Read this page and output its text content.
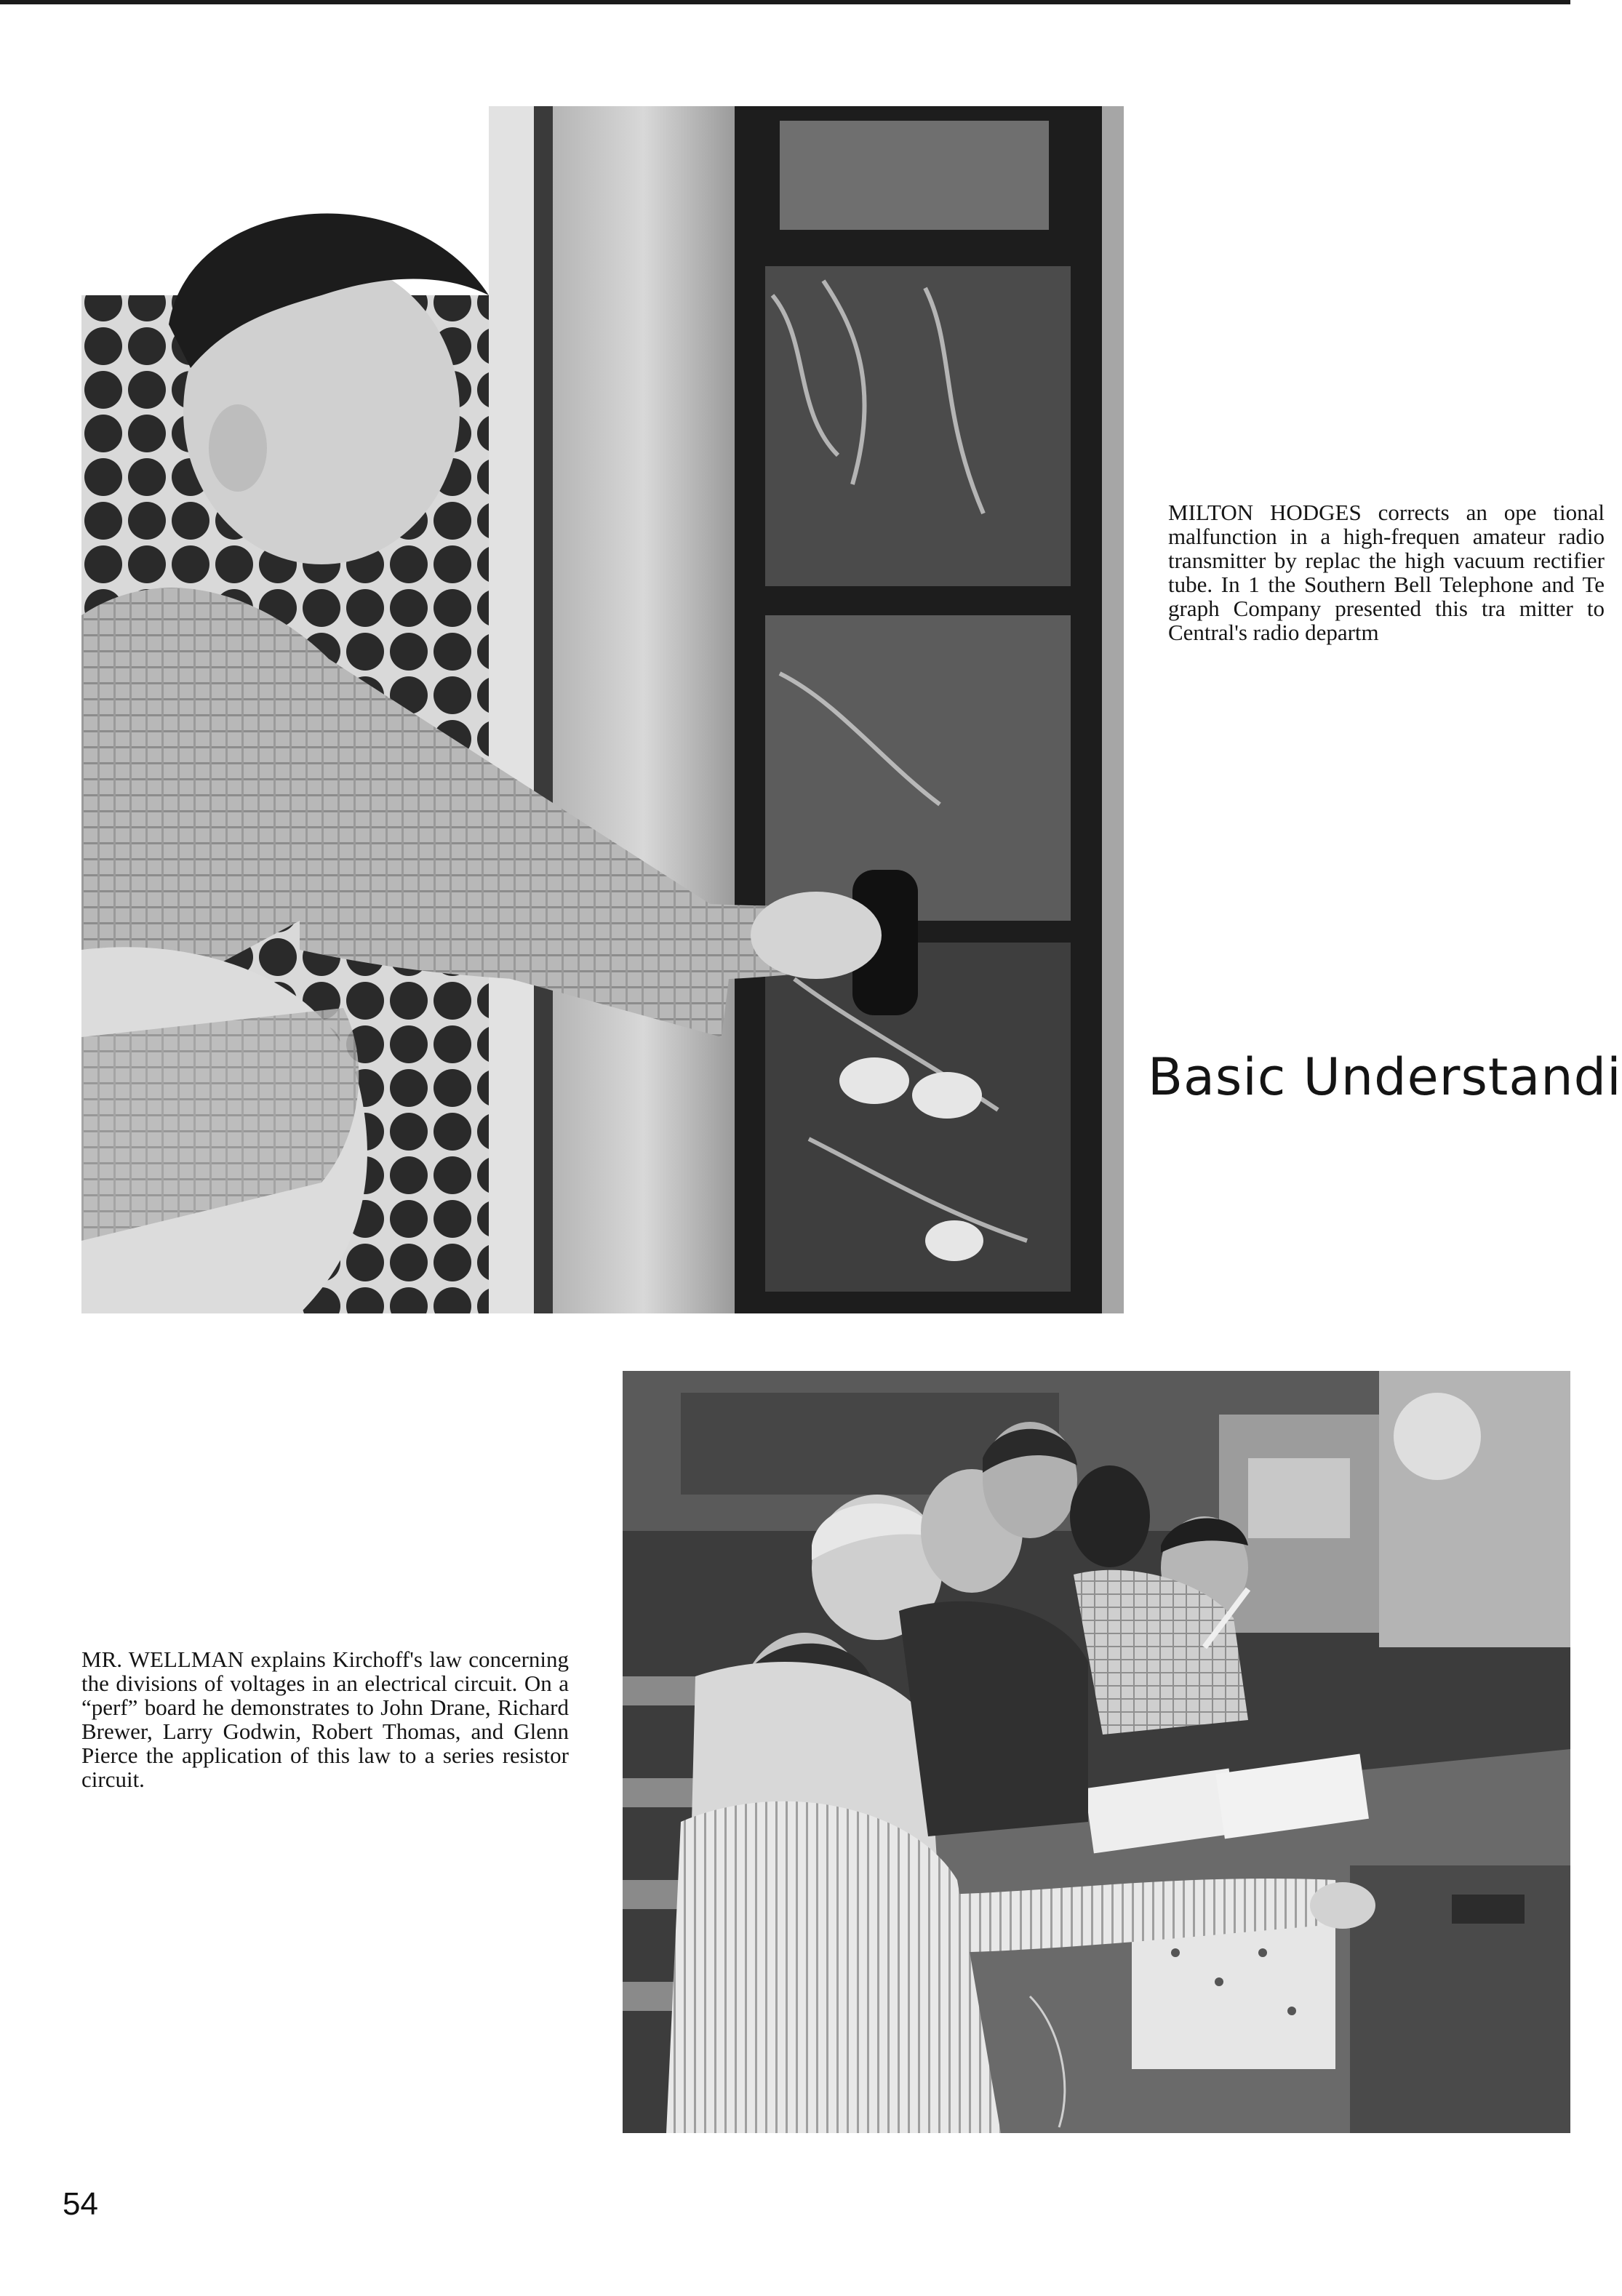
MILTON HODGES corrects an ope tional malfunction in a high-frequen amateur radio transmitter by replac the high vacuum rectifier tube. In 1 the Southern Bell Telephone and Te graph Company presented this tra mitter to Central's radio departm
Basic Understandi
MR. WELLMAN explains Kirchoff's law concerning the divisions of voltages in an electrical circuit. On a “perf” board he demonstrates to John Drane, Richard Brewer, Larry Godwin, Robert Thomas, and Glenn Pierce the application of this law to a series resistor circuit.
54
